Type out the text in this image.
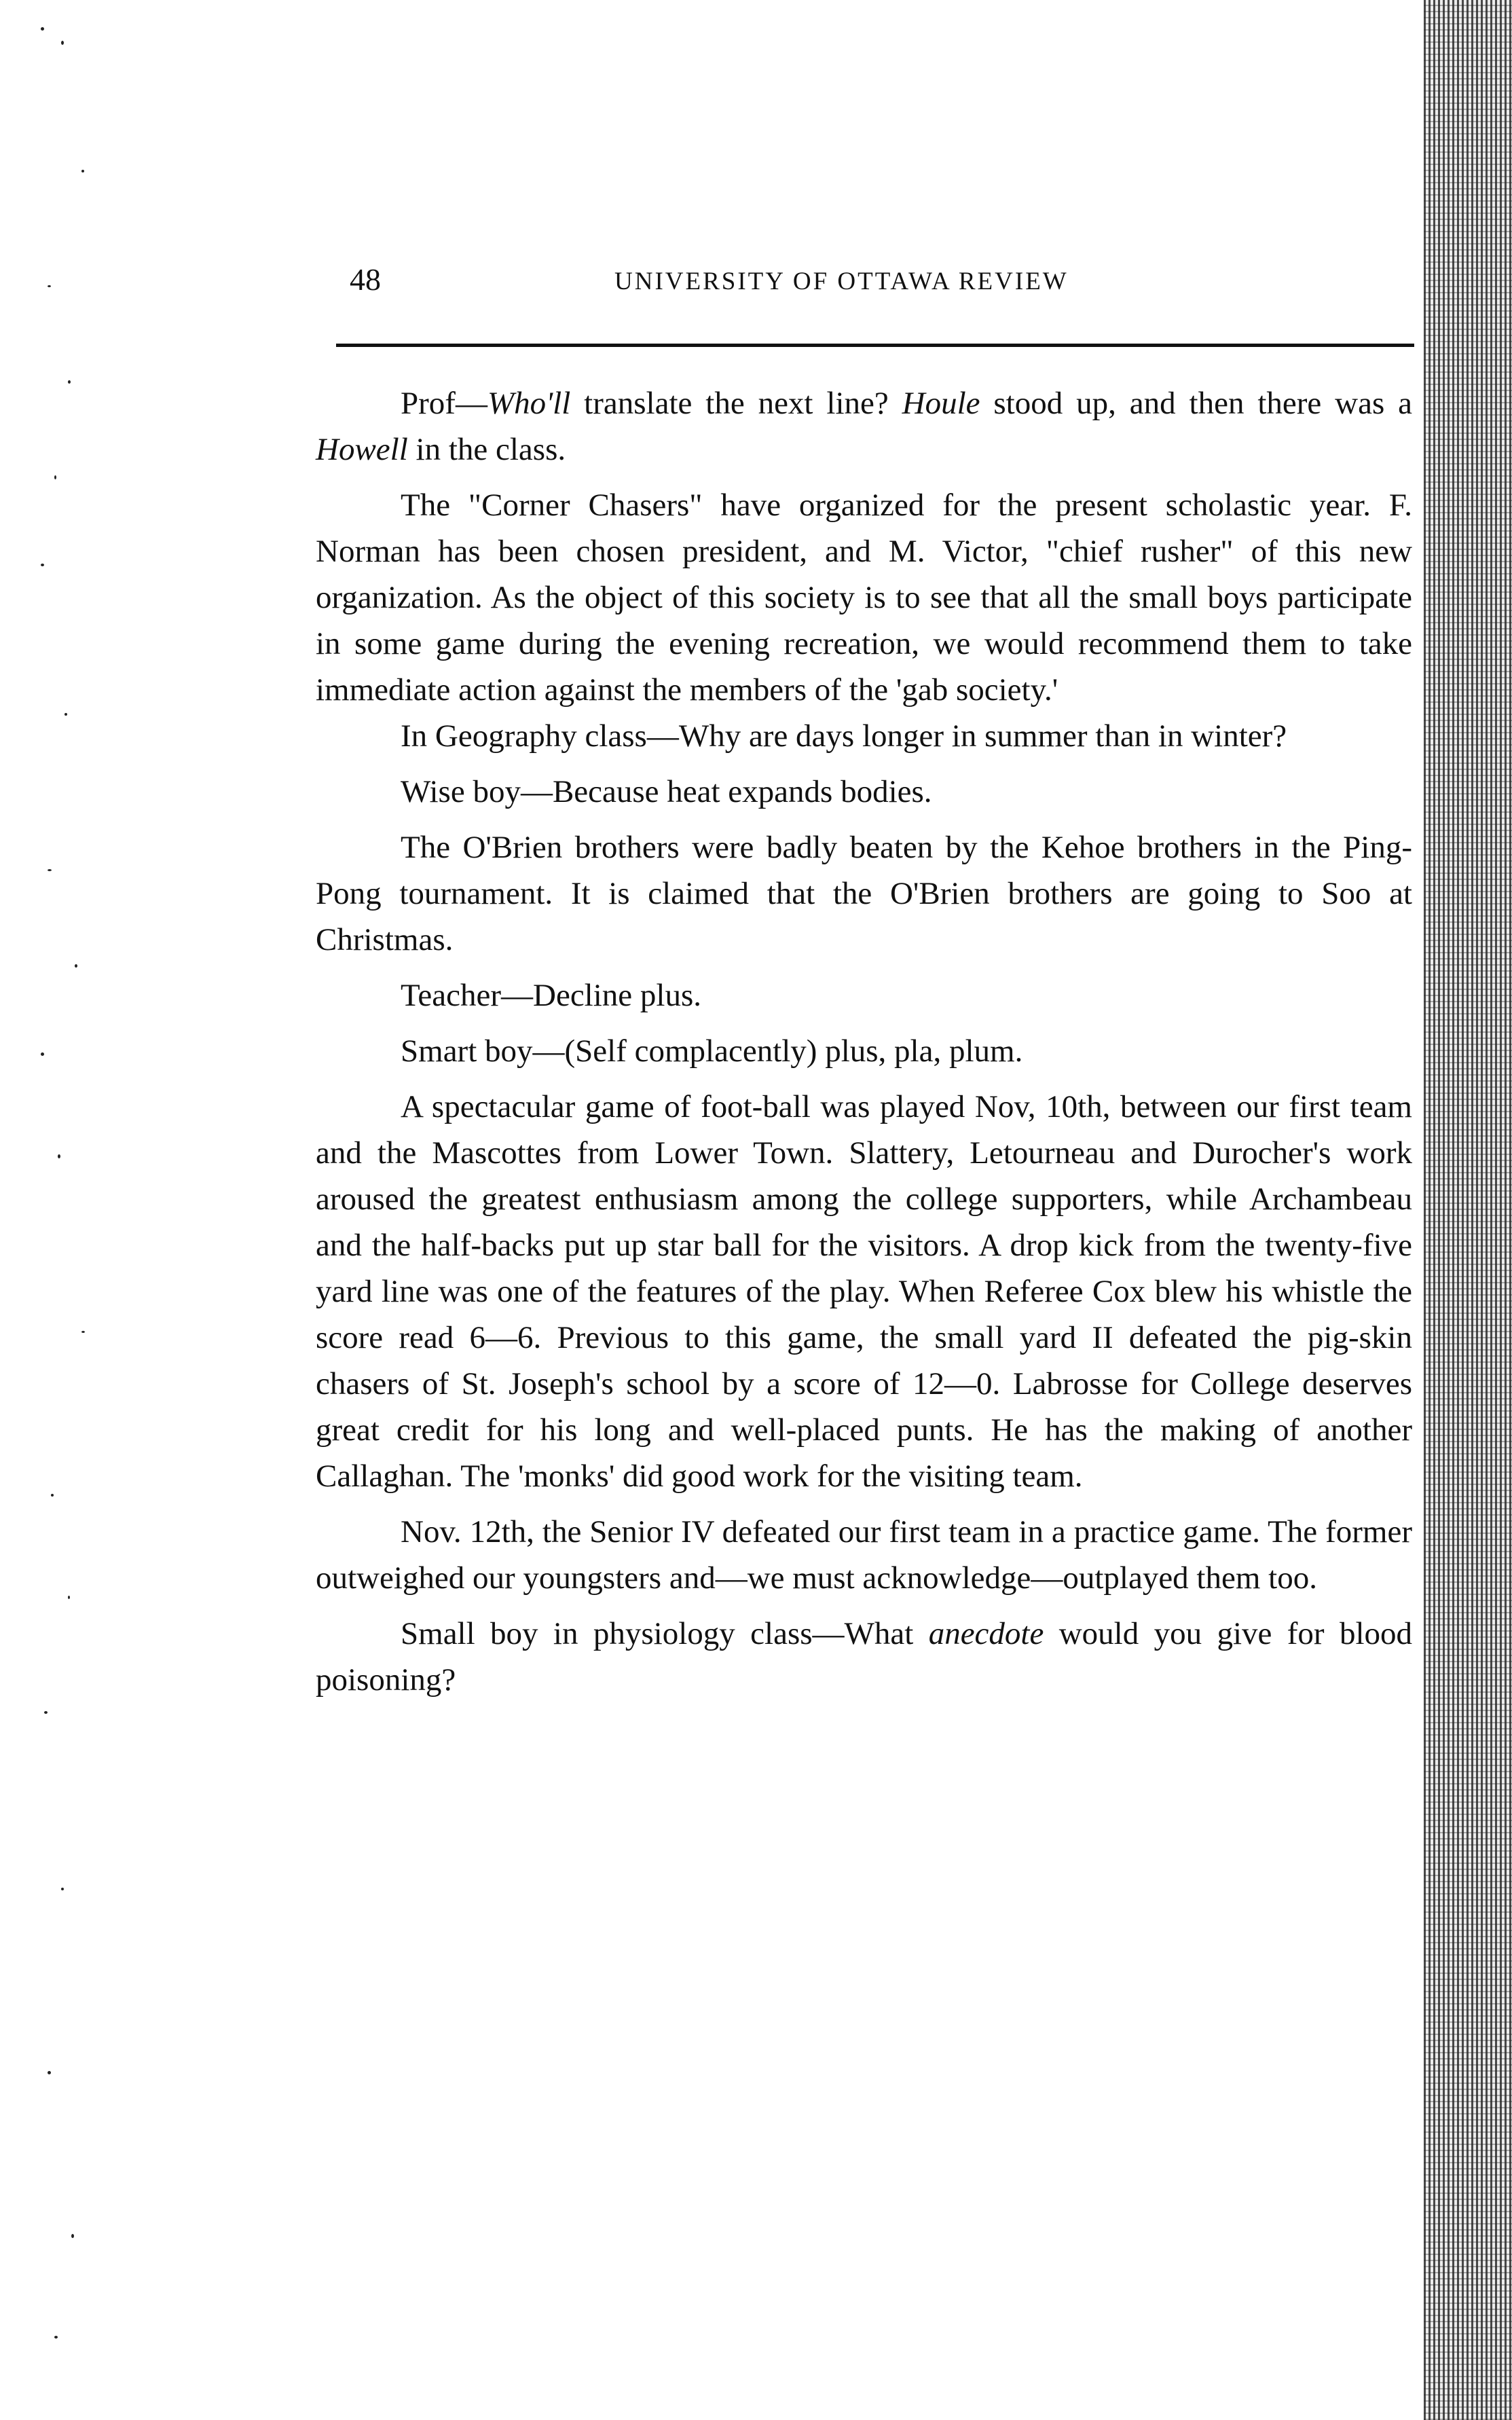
48	UNIVERSITY OF OTTAWA REVIEW

Prof—Who'll translate the next line? Houle stood up, and then there was a Howell in the class.

The "Corner Chasers" have organized for the present scholastic year. F. Norman has been chosen president, and M. Victor, "chief rusher" of this new organization. As the object of this society is to see that all the small boys participate in some game during the evening recreation, we would recommend them to take immediate action against the members of the 'gab society.'

In Geography class—Why are days longer in summer than in winter?

Wise boy—Because heat expands bodies.

The O'Brien brothers were badly beaten by the Kehoe brothers in the Ping-Pong tournament. It is claimed that the O'Brien brothers are going to Soo at Christmas.

Teacher—Decline plus.

Smart boy—(Self complacently) plus, pla, plum.

A spectacular game of foot-ball was played Nov, 10th, between our first team and the Mascottes from Lower Town. Slattery, Letourneau and Durocher's work aroused the greatest enthusiasm among the college supporters, while Archambeau and the half-backs put up star ball for the visitors. A drop kick from the twenty-five yard line was one of the features of the play. When Referee Cox blew his whistle the score read 6—6. Previous to this game, the small yard II defeated the pig-skin chasers of St. Joseph's school by a score of 12—0. Labrosse for College deserves great credit for his long and well-placed punts. He has the making of another Callaghan. The 'monks' did good work for the visiting team.

Nov. 12th, the Senior IV defeated our first team in a practice game. The former outweighed our youngsters and—we must acknowledge—outplayed them too.

Small boy in physiology class—What anecdote would you give for blood poisoning?
